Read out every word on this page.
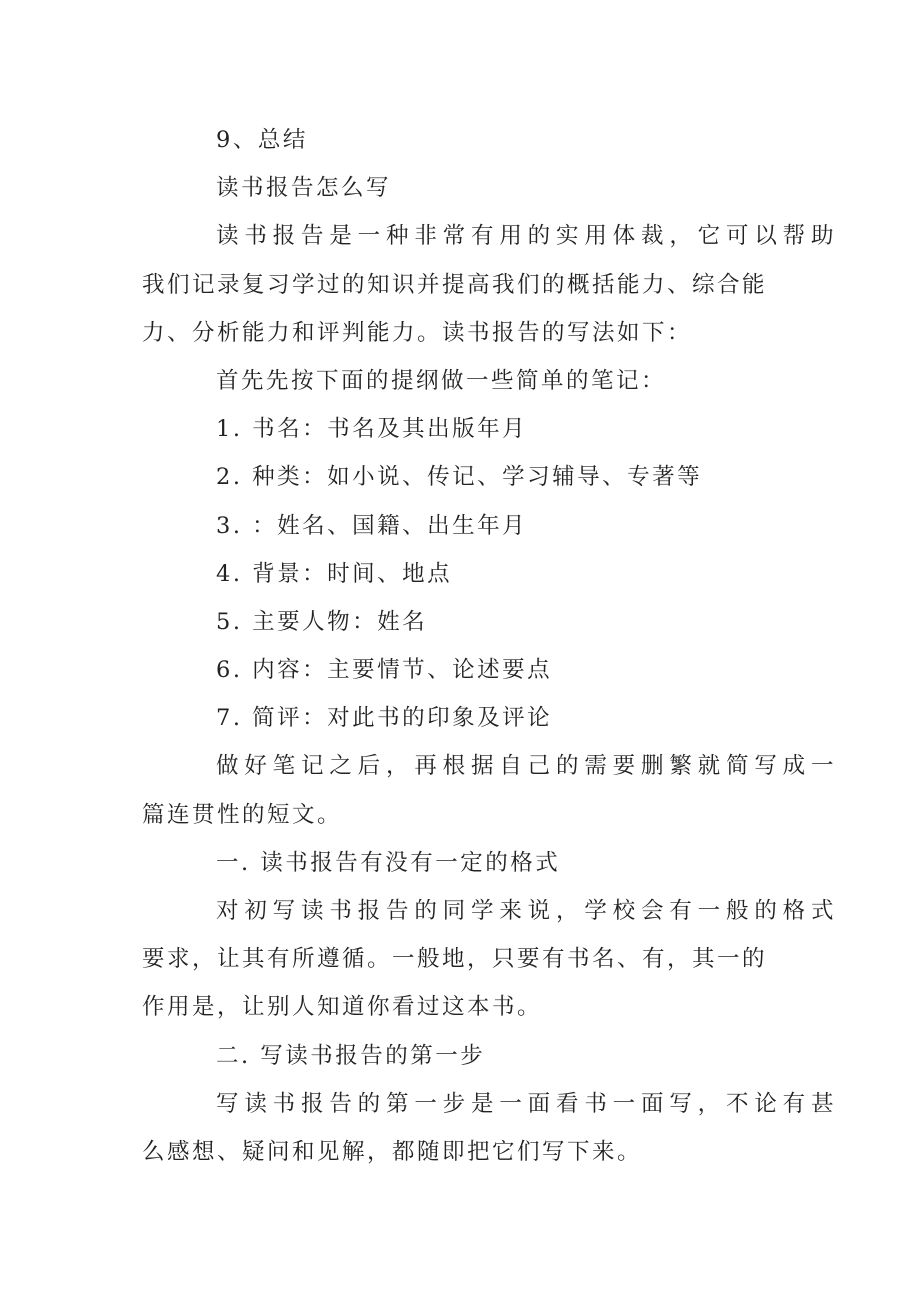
9、总结
读书报告怎么写
读书报告是一种非常有用的实用体裁，它可以帮助
我们记录复习学过的知识并提高我们的概括能力、综合能
力、分析能力和评判能力。读书报告的写法如下：
首先先按下面的提纲做一些简单的笔记：
1. 书名：书名及其出版年月
2. 种类：如小说、传记、学习辅导、专著等
3. ：姓名、国籍、出生年月
4. 背景：时间、地点
5. 主要人物：姓名
6. 内容：主要情节、论述要点
7. 简评：对此书的印象及评论
做好笔记之后，再根据自己的需要删繁就简写成一
篇连贯性的短文。
一. 读书报告有没有一定的格式
对初写读书报告的同学来说，学校会有一般的格式
要求，让其有所遵循。一般地，只要有书名、有，其一的
作用是，让别人知道你看过这本书。
二. 写读书报告的第一步
写读书报告的第一步是一面看书一面写，不论有甚
么感想、疑问和见解，都随即把它们写下来。
